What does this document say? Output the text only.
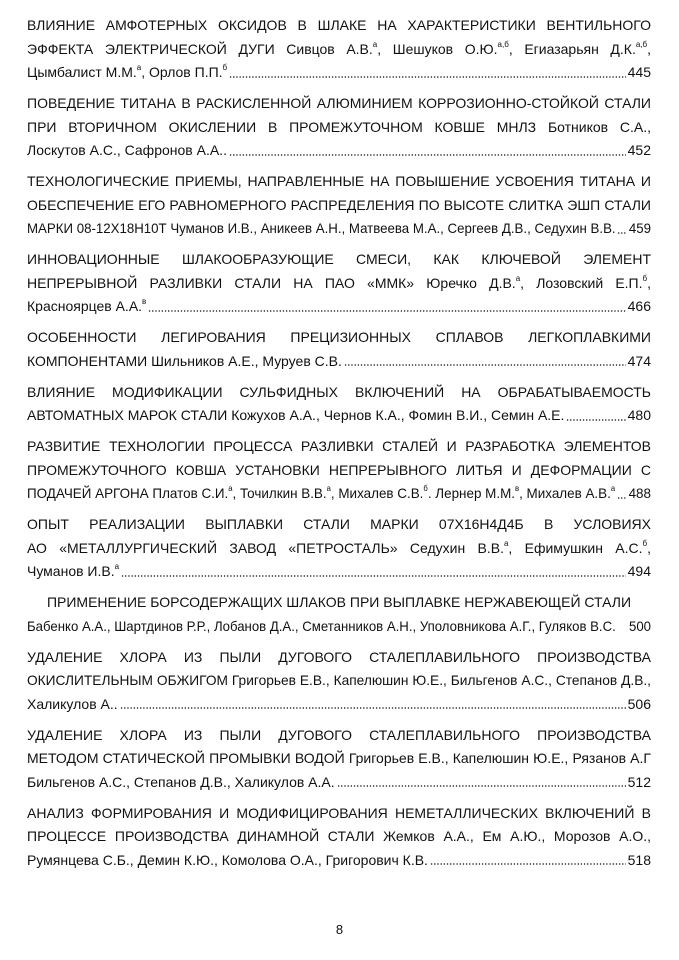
ВЛИЯНИЕ АМФОТЕРНЫХ ОКСИДОВ В ШЛАКЕ НА ХАРАКТЕРИСТИКИ ВЕНТИЛЬНОГО
ЭФФЕКТА ЭЛЕКТРИЧЕСКОЙ ДУГИ Сивцов А.В.$^а$, Шешуков О.Ю.$^{а,б}$, Егиазарьян Д.К.$^{а,б}$,
Цымбалист М.М.$^а$, Орлов П.П.$^б$	445
ПОВЕДЕНИЕ ТИТАНА В РАСКИСЛЕННОЙ АЛЮМИНИЕМ КОРРОЗИОННО-СТОЙКОЙ СТАЛИ
ПРИ ВТОРИЧНОМ ОКИСЛЕНИИ В ПРОМЕЖУТОЧНОМ КОВШЕ МНЛЗ Ботников С.А.,
Лоскутов А.С., Сафронов А.А..	452
ТЕХНОЛОГИЧЕСКИЕ ПРИЕМЫ, НАПРАВЛЕННЫЕ НА ПОВЫШЕНИЕ УСВОЕНИЯ ТИТАНА И
ОБЕСПЕЧЕНИЕ ЕГО РАВНОМЕРНОГО РАСПРЕДЕЛЕНИЯ ПО ВЫСОТЕ СЛИТКА ЭШП СТАЛИ
МАРКИ 08-12Х18Н10Т Чуманов И.В., Аникеев А.Н., Матвеева М.А., Сергеев Д.В., Седухин В.В. 459
ИННОВАЦИОННЫЕ ШЛАКООБРАЗУЮЩИЕ СМЕСИ, КАК КЛЮЧЕВОЙ ЭЛЕМЕНТ
НЕПРЕРЫВНОЙ РАЗЛИВКИ СТАЛИ НА ПАО «ММК» Юречко Д.В.$^а$, Лозовский Е.П.$^б$,
Красноярцев А.А.$^в$	466
ОСОБЕННОСТИ ЛЕГИРОВАНИЯ ПРЕЦИЗИОННЫХ СПЛАВОВ ЛЕГКОПЛАВКИМИ
КОМПОНЕНТАМИ Шильников А.Е., Муруев С.В.	474
ВЛИЯНИЕ МОДИФИКАЦИИ СУЛЬФИДНЫХ ВКЛЮЧЕНИЙ НА ОБРАБАТЫВАЕМОСТЬ
АВТОМАТНЫХ МАРОК СТАЛИ Кожухов А.А., Чернов К.А., Фомин В.И., Семин А.Е.	480
РАЗВИТИЕ ТЕХНОЛОГИИ ПРОЦЕССА РАЗЛИВКИ СТАЛЕЙ И РАЗРАБОТКА ЭЛЕМЕНТОВ
ПРОМЕЖУТОЧНОГО КОВША УСТАНОВКИ НЕПРЕРЫВНОГО ЛИТЬЯ И ДЕФОРМАЦИИ С
ПОДАЧЕЙ АРГОНА Платов С.И.$^а$, Точилкин В.В.$^а$, Михалев С.В.$^б$. Лернер М.М.$^в$, Михалев А.В.$^а$ 488
ОПЫТ РЕАЛИЗАЦИИ ВЫПЛАВКИ СТАЛИ МАРКИ 07Х16Н4Д4Б В УСЛОВИЯХ
АО «МЕТАЛЛУРГИЧЕСКИЙ ЗАВОД «ПЕТРОСТАЛЬ» Седухин В.В.$^а$, Ефимушкин А.С.$^б$,
Чуманов И.В.$^а$	494
ПРИМЕНЕНИЕ БОРСОДЕРЖАЩИХ ШЛАКОВ ПРИ ВЫПЛАВКЕ НЕРЖАВЕЮЩЕЙ СТАЛИ
Бабенко А.А., Шартдинов Р.Р., Лобанов Д.А., Сметанников А.Н., Уполовникова А.Г., Гуляков В.С. 500
УДАЛЕНИЕ ХЛОРА ИЗ ПЫЛИ ДУГОВОГО СТАЛЕПЛАВИЛЬНОГО ПРОИЗВОДСТВА
ОКИСЛИТЕЛЬНЫМ ОБЖИГОМ Григорьев Е.В., Капелюшин Ю.Е., Бильгенов А.С., Степанов Д.В.,
Халикулов А..	506
УДАЛЕНИЕ ХЛОРА ИЗ ПЫЛИ ДУГОВОГО СТАЛЕПЛАВИЛЬНОГО ПРОИЗВОДСТВА
МЕТОДОМ СТАТИЧЕСКОЙ ПРОМЫВКИ ВОДОЙ Григорьев Е.В., Капелюшин Ю.Е., Рязанов А.Г
Бильгенов А.С., Степанов Д.В., Халикулов А.А.	512
АНАЛИЗ ФОРМИРОВАНИЯ И МОДИФИЦИРОВАНИЯ НЕМЕТАЛЛИЧЕСКИХ ВКЛЮЧЕНИЙ В
ПРОЦЕССЕ ПРОИЗВОДСТВА ДИНАМНОЙ СТАЛИ Жемков А.А., Ем А.Ю., Морозов А.О.,
Румянцева С.Б., Демин К.Ю., Комолова О.А., Григорович К.В.	518
8
